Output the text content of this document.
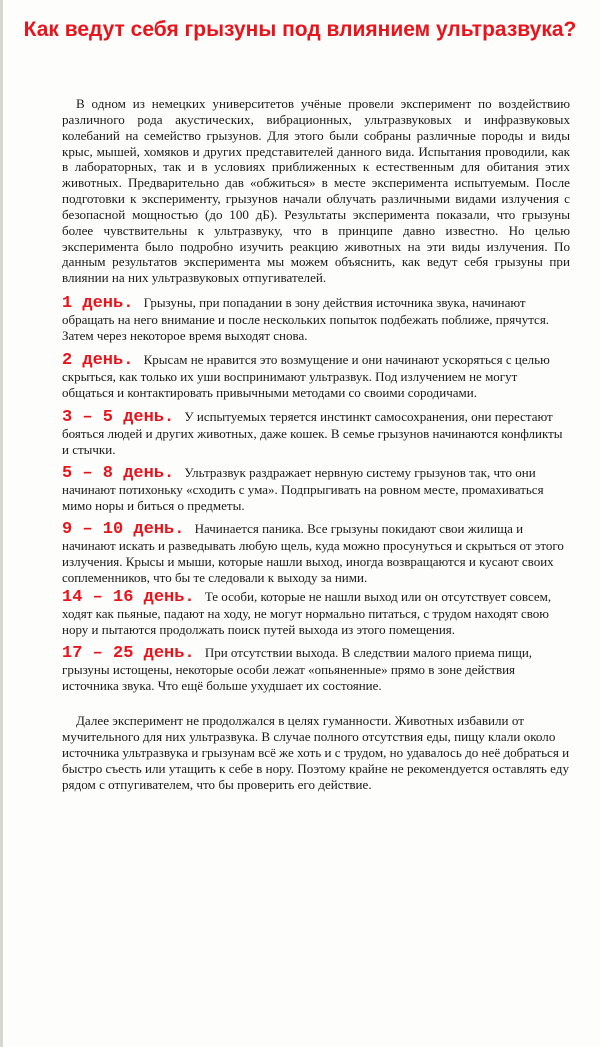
Как ведут себя грызуны под влиянием ультразвука?
В одном из немецких университетов учёные провели эксперимент по воздействию различного рода акустических, вибрационных, ультразвуковых и инфразвуковых колебаний на семейство грызунов. Для этого были собраны различные породы и виды крыс, мышей, хомяков и других представителей данного вида. Испытания проводили, как в лабораторных, так и в условиях приближенных к естественным для обитания этих животных. Предварительно дав «обжиться» в месте эксперимента испытуемым. После подготовки к эксперименту, грызунов начали облучать различными видами излучения с безопасной мощностью (до 100 дБ). Результаты эксперимента показали, что грызуны более чувствительны к ультразвуку, что в принципе давно известно. Но целью эксперимента было подробно изучить реакцию животных на эти виды излучения. По данным результатов эксперимента мы можем объяснить, как ведут себя грызуны при влиянии на них ультразвуковых отпугивателей.
1 день. Грызуны, при попадании в зону действия источника звука, начинают обращать на него внимание и после нескольких попыток подбежать поближе, прячутся. Затем через некоторое время выходят снова.
2 день. Крысам не нравится это возмущение и они начинают ускоряться с целью скрыться, как только их уши воспринимают ультразвук. Под излучением не могут общаться и контактировать привычными методами со своими сородичами.
3 – 5 день. У испытуемых теряется инстинкт самосохранения, они перестают бояться людей и других животных, даже кошек. В семье грызунов начинаются конфликты и стычки.
5 – 8 день. Ультразвук раздражает нервную систему грызунов так, что они начинают потихоньку «сходить с ума». Подпрыгивать на ровном месте, промахиваться мимо норы и биться о предметы.
9 – 10 день. Начинается паника. Все грызуны покидают свои жилища и начинают искать и разведывать любую щель, куда можно просунуться и скрыться от этого излучения. Крысы и мыши, которые нашли выход, иногда возвращаются и кусают своих соплеменников, что бы те следовали к выходу за ними.
14 – 16 день. Те особи, которые не нашли выход или он отсутствует совсем, ходят как пьяные, падают на ходу, не могут нормально питаться, с трудом находят свою нору и пытаются продолжать поиск путей выхода из этого помещения.
17 – 25 день. При отсутствии выхода. В следствии малого приема пищи, грызуны истощены, некоторые особи лежат «опьяненные» прямо в зоне действия источника звука. Что ещё больше ухудшает их состояние.
Далее эксперимент не продолжался в целях гуманности. Животных избавили от мучительного для них ультразвука. В случае полного отсутствия еды, пищу клали около источника ультразвука и грызунам всё же хоть и с трудом, но удавалось до неё добраться и быстро съесть или утащить к себе в нору. Поэтому крайне не рекомендуется оставлять еду рядом с отпугивателем, что бы проверить его действие.
